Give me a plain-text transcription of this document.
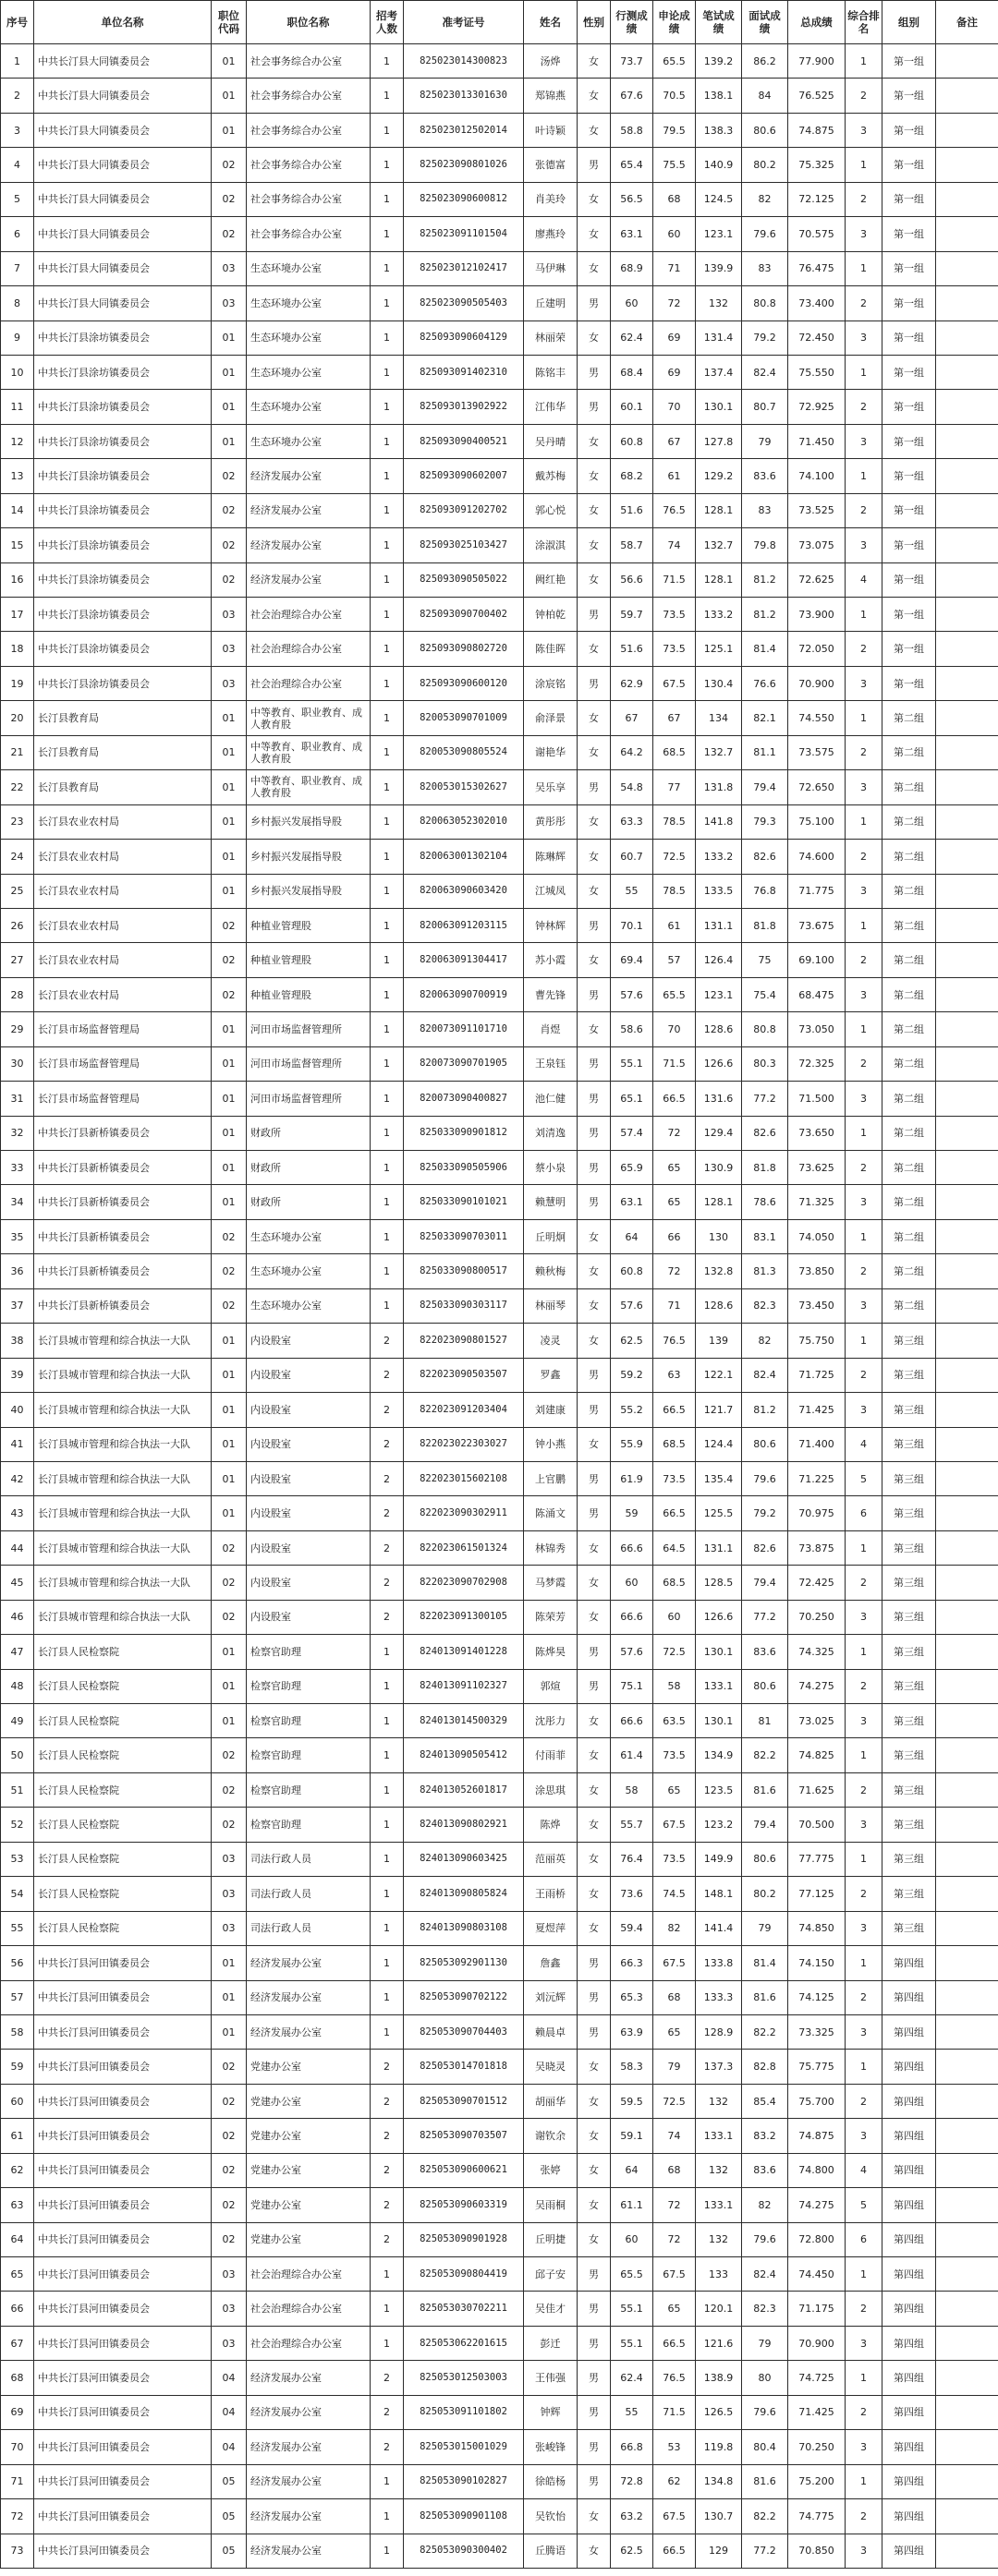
序号	单位名称	职位代码	职位名称	招考人数	准考证号	姓名	性别	行测成绩	申论成绩	笔试成绩	面试成绩	总成绩	综合排名	组别	备注
1	中共长汀县大同镇委员会	01	社会事务综合办公室	1	825023014300823	汤烨	女	73.7	65.5	139.2	86.2	77.900	1	第一组	
2	中共长汀县大同镇委员会	01	社会事务综合办公室	1	825023013301630	郑锦燕	女	67.6	70.5	138.1	84	76.525	2	第一组	
3	中共长汀县大同镇委员会	01	社会事务综合办公室	1	825023012502014	叶诗颖	女	58.8	79.5	138.3	80.6	74.875	3	第一组	
4	中共长汀县大同镇委员会	02	社会事务综合办公室	1	825023090801026	张德富	男	65.4	75.5	140.9	80.2	75.325	1	第一组	
5	中共长汀县大同镇委员会	02	社会事务综合办公室	1	825023090600812	肖美玲	女	56.5	68	124.5	82	72.125	2	第一组	
6	中共长汀县大同镇委员会	02	社会事务综合办公室	1	825023091101504	廖燕玲	女	63.1	60	123.1	79.6	70.575	3	第一组	
7	中共长汀县大同镇委员会	03	生态环境办公室	1	825023012102417	马伊琳	女	68.9	71	139.9	83	76.475	1	第一组	
8	中共长汀县大同镇委员会	03	生态环境办公室	1	825023090505403	丘建明	男	60	72	132	80.8	73.400	2	第一组	
9	中共长汀县涂坊镇委员会	01	生态环境办公室	1	825093090604129	林丽荣	女	62.4	69	131.4	79.2	72.450	3	第一组	
10	中共长汀县涂坊镇委员会	01	生态环境办公室	1	825093091402310	陈铭丰	男	68.4	69	137.4	82.4	75.550	1	第一组	
11	中共长汀县涂坊镇委员会	01	生态环境办公室	1	825093013902922	江伟华	男	60.1	70	130.1	80.7	72.925	2	第一组	
12	中共长汀县涂坊镇委员会	01	生态环境办公室	1	825093090400521	吴丹晴	女	60.8	67	127.8	79	71.450	3	第一组	
13	中共长汀县涂坊镇委员会	02	经济发展办公室	1	825093090602007	戴苏梅	女	68.2	61	129.2	83.6	74.100	1	第一组	
14	中共长汀县涂坊镇委员会	02	经济发展办公室	1	825093091202702	郭心悦	女	51.6	76.5	128.1	83	73.525	2	第一组	
15	中共长汀县涂坊镇委员会	02	经济发展办公室	1	825093025103427	涂淑淇	女	58.7	74	132.7	79.8	73.075	3	第一组	
16	中共长汀县涂坊镇委员会	02	经济发展办公室	1	825093090505022	阙红艳	女	56.6	71.5	128.1	81.2	72.625	4	第一组	
17	中共长汀县涂坊镇委员会	03	社会治理综合办公室	1	825093090700402	钟柏乾	男	59.7	73.5	133.2	81.2	73.900	1	第一组	
18	中共长汀县涂坊镇委员会	03	社会治理综合办公室	1	825093090802720	陈佳晖	女	51.6	73.5	125.1	81.4	72.050	2	第一组	
19	中共长汀县涂坊镇委员会	03	社会治理综合办公室	1	825093090600120	涂宸铭	男	62.9	67.5	130.4	76.6	70.900	3	第一组	
20	长汀县教育局	01	中等教育、职业教育、成人教育股	1	820053090701009	俞泽景	女	67	67	134	82.1	74.550	1	第二组	
21	长汀县教育局	01	中等教育、职业教育、成人教育股	1	820053090805524	谢艳华	女	64.2	68.5	132.7	81.1	73.575	2	第二组	
22	长汀县教育局	01	中等教育、职业教育、成人教育股	1	820053015302627	吴乐享	男	54.8	77	131.8	79.4	72.650	3	第二组	
23	长汀县农业农村局	01	乡村振兴发展指导股	1	820063052302010	黄彤彤	女	63.3	78.5	141.8	79.3	75.100	1	第二组	
24	长汀县农业农村局	01	乡村振兴发展指导股	1	820063001302104	陈琳辉	女	60.7	72.5	133.2	82.6	74.600	2	第二组	
25	长汀县农业农村局	01	乡村振兴发展指导股	1	820063090603420	江城凤	女	55	78.5	133.5	76.8	71.775	3	第二组	
26	长汀县农业农村局	02	种植业管理股	1	820063091203115	钟林辉	男	70.1	61	131.1	81.8	73.675	1	第二组	
27	长汀县农业农村局	02	种植业管理股	1	820063091304417	苏小霞	女	69.4	57	126.4	75	69.100	2	第二组	
28	长汀县农业农村局	02	种植业管理股	1	820063090700919	曹先锋	男	57.6	65.5	123.1	75.4	68.475	3	第二组	
29	长汀县市场监督管理局	01	河田市场监督管理所	1	820073091101710	肖煜	女	58.6	70	128.6	80.8	73.050	1	第二组	
30	长汀县市场监督管理局	01	河田市场监督管理所	1	820073090701905	王泉钰	男	55.1	71.5	126.6	80.3	72.325	2	第二组	
31	长汀县市场监督管理局	01	河田市场监督管理所	1	820073090400827	池仁健	男	65.1	66.5	131.6	77.2	71.500	3	第二组	
32	中共长汀县新桥镇委员会	01	财政所	1	825033090901812	刘清逸	男	57.4	72	129.4	82.6	73.650	1	第二组	
33	中共长汀县新桥镇委员会	01	财政所	1	825033090505906	蔡小泉	男	65.9	65	130.9	81.8	73.625	2	第二组	
34	中共长汀县新桥镇委员会	01	财政所	1	825033090101021	赖慧明	男	63.1	65	128.1	78.6	71.325	3	第二组	
35	中共长汀县新桥镇委员会	02	生态环境办公室	1	825033090703011	丘明炯	女	64	66	130	83.1	74.050	1	第二组	
36	中共长汀县新桥镇委员会	02	生态环境办公室	1	825033090800517	赖秋梅	女	60.8	72	132.8	81.3	73.850	2	第二组	
37	中共长汀县新桥镇委员会	02	生态环境办公室	1	825033090303117	林丽琴	女	57.6	71	128.6	82.3	73.450	3	第二组	
38	长汀县城市管理和综合执法一大队	01	内设股室	2	822023090801527	凌灵	女	62.5	76.5	139	82	75.750	1	第三组	
39	长汀县城市管理和综合执法一大队	01	内设股室	2	822023090503507	罗鑫	男	59.2	63	122.1	82.4	71.725	2	第三组	
40	长汀县城市管理和综合执法一大队	01	内设股室	2	822023091203404	刘建康	男	55.2	66.5	121.7	81.2	71.425	3	第三组	
41	长汀县城市管理和综合执法一大队	01	内设股室	2	822023022303027	钟小燕	女	55.9	68.5	124.4	80.6	71.400	4	第三组	
42	长汀县城市管理和综合执法一大队	01	内设股室	2	822023015602108	上官鹏	男	61.9	73.5	135.4	79.6	71.225	5	第三组	
43	长汀县城市管理和综合执法一大队	01	内设股室	2	822023090302911	陈涌文	男	59	66.5	125.5	79.2	70.975	6	第三组	
44	长汀县城市管理和综合执法一大队	02	内设股室	2	822023061501324	林锦秀	女	66.6	64.5	131.1	82.6	73.875	1	第三组	
45	长汀县城市管理和综合执法一大队	02	内设股室	2	822023090702908	马梦霞	女	60	68.5	128.5	79.4	72.425	2	第三组	
46	长汀县城市管理和综合执法一大队	02	内设股室	2	822023091300105	陈荣芳	女	66.6	60	126.6	77.2	70.250	3	第三组	
47	长汀县人民检察院	01	检察官助理	1	824013091401228	陈烨昊	男	57.6	72.5	130.1	83.6	74.325	1	第三组	
48	长汀县人民检察院	01	检察官助理	1	824013091102327	郭煊	男	75.1	58	133.1	80.6	74.275	2	第三组	
49	长汀县人民检察院	01	检察官助理	1	824013014500329	沈彤力	女	66.6	63.5	130.1	81	73.025	3	第三组	
50	长汀县人民检察院	02	检察官助理	1	824013090505412	付雨菲	女	61.4	73.5	134.9	82.2	74.825	1	第三组	
51	长汀县人民检察院	02	检察官助理	1	824013052601817	涂思琪	女	58	65	123.5	81.6	71.625	2	第三组	
52	长汀县人民检察院	02	检察官助理	1	824013090802921	陈烨	女	55.7	67.5	123.2	79.4	70.500	3	第三组	
53	长汀县人民检察院	03	司法行政人员	1	824013090603425	范丽英	女	76.4	73.5	149.9	80.6	77.775	1	第三组	
54	长汀县人民检察院	03	司法行政人员	1	824013090805824	王雨桥	女	73.6	74.5	148.1	80.2	77.125	2	第三组	
55	长汀县人民检察院	03	司法行政人员	1	824013090803108	夏煜萍	女	59.4	82	141.4	79	74.850	3	第三组	
56	中共长汀县河田镇委员会	01	经济发展办公室	1	825053092901130	詹鑫	男	66.3	67.5	133.8	81.4	74.150	1	第四组	
57	中共长汀县河田镇委员会	01	经济发展办公室	1	825053090702122	刘沅辉	男	65.3	68	133.3	81.6	74.125	2	第四组	
58	中共长汀县河田镇委员会	01	经济发展办公室	1	825053090704403	赖晨卓	男	63.9	65	128.9	82.2	73.325	3	第四组	
59	中共长汀县河田镇委员会	02	党建办公室	2	825053014701818	吴晓灵	女	58.3	79	137.3	82.8	75.775	1	第四组	
60	中共长汀县河田镇委员会	02	党建办公室	2	825053090701512	胡丽华	女	59.5	72.5	132	85.4	75.700	2	第四组	
61	中共长汀县河田镇委员会	02	党建办公室	2	825053090703507	谢钦余	女	59.1	74	133.1	83.2	74.875	3	第四组	
62	中共长汀县河田镇委员会	02	党建办公室	2	825053090600621	张婷	女	64	68	132	83.6	74.800	4	第四组	
63	中共长汀县河田镇委员会	02	党建办公室	2	825053090603319	吴雨桐	女	61.1	72	133.1	82	74.275	5	第四组	
64	中共长汀县河田镇委员会	02	党建办公室	2	825053090901928	丘明捷	女	60	72	132	79.6	72.800	6	第四组	
65	中共长汀县河田镇委员会	03	社会治理综合办公室	1	825053090804419	邱子安	男	65.5	67.5	133	82.4	74.450	1	第四组	
66	中共长汀县河田镇委员会	03	社会治理综合办公室	1	825053030702211	吴佳才	男	55.1	65	120.1	82.3	71.175	2	第四组	
67	中共长汀县河田镇委员会	03	社会治理综合办公室	1	825053062201615	彭迁	男	55.1	66.5	121.6	79	70.900	3	第四组	
68	中共长汀县河田镇委员会	04	经济发展办公室	2	825053012503003	王伟强	男	62.4	76.5	138.9	80	74.725	1	第四组	
69	中共长汀县河田镇委员会	04	经济发展办公室	2	825053091101802	钟辉	男	55	71.5	126.5	79.6	71.425	2	第四组	
70	中共长汀县河田镇委员会	04	经济发展办公室	2	825053015001029	张峻锋	男	66.8	53	119.8	80.4	70.250	3	第四组	
71	中共长汀县河田镇委员会	05	经济发展办公室	1	825053090102827	徐皓杨	男	72.8	62	134.8	81.6	75.200	1	第四组	
72	中共长汀县河田镇委员会	05	经济发展办公室	1	825053090901108	吴钦怡	女	63.2	67.5	130.7	82.2	74.775	2	第四组	
73	中共长汀县河田镇委员会	05	经济发展办公室	1	825053090300402	丘腾语	女	62.5	66.5	129	77.2	70.850	3	第四组	
